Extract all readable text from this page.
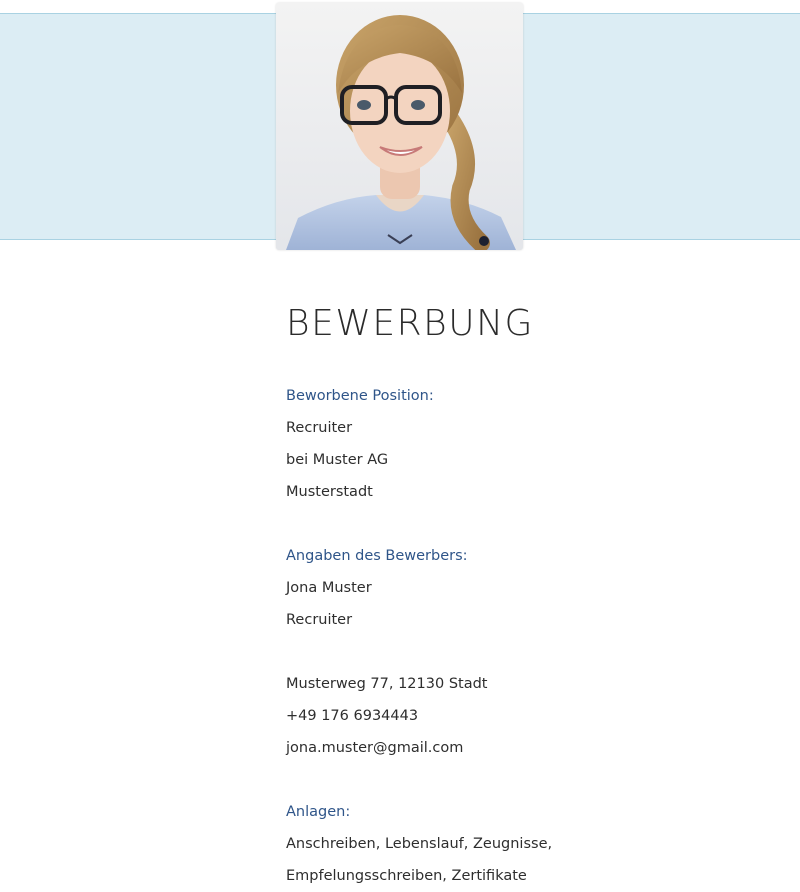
BEWERBUNG
Beworbene Position:
Recruiter
bei Muster AG
Musterstadt
Angaben des Bewerbers:
Jona Muster
Recruiter
Musterweg 77, 12130 Stadt
+49 176 6934443
jona.muster@gmail.com
Anlagen:
Anschreiben, Lebenslauf, Zeugnisse,
Empfelungsschreiben, Zertifikate
